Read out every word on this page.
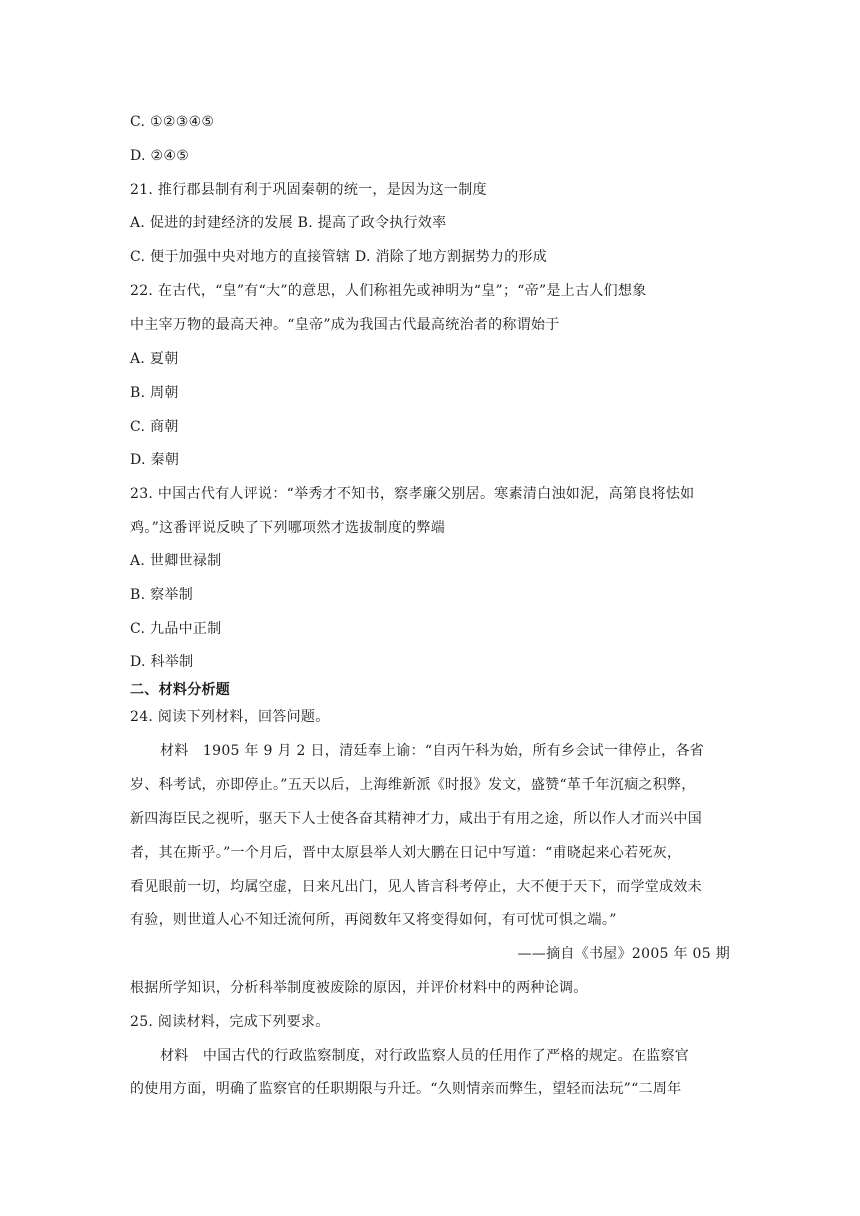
C. ①②③④⑤
D. ②④⑤
21. 推行郡县制有利于巩固秦朝的统一，是因为这一制度
A. 促进的封建经济的发展 B. 提高了政令执行效率
C. 便于加强中央对地方的直接管辖 D. 消除了地方割据势力的形成
22. 在古代，“皇”有“大”的意思，人们称祖先或神明为“皇”；“帝”是上古人们想象
中主宰万物的最高天神。“皇帝”成为我国古代最高统治者的称谓始于
A. 夏朝
B. 周朝
C. 商朝
D. 秦朝
23. 中国古代有人评说：“举秀才不知书，察孝廉父别居。寒素清白浊如泥，高第良将怯如
鸡。”这番评说反映了下列哪项然才选拔制度的弊端
A. 世卿世禄制
B. 察举制
C. 九品中正制
D. 科举制
二、材料分析题
24. 阅读下列材料，回答问题。
材料　1905 年 9 月 2 日，清廷奉上谕：“自丙午科为始，所有乡会试一律停止，各省
岁、科考试，亦即停止。”五天以后，上海维新派《时报》发文，盛赞“革千年沉痼之积弊，
新四海臣民之视听，驱天下人士使各奋其精神才力，咸出于有用之途，所以作人才而兴中国
者，其在斯乎。”一个月后，晋中太原县举人刘大鹏在日记中写道：“甫晓起来心若死灰，
看见眼前一切，均属空虚，日来凡出门，见人皆言科考停止，大不便于天下，而学堂成效未
有验，则世道人心不知迁流何所，再阅数年又将变得如何，有可忧可惧之端。”
——摘自《书屋》2005 年 05 期
根据所学知识，分析科举制度被废除的原因，并评价材料中的两种论调。
25. 阅读材料，完成下列要求。
材料　中国古代的行政监察制度，对行政监察人员的任用作了严格的规定。在监察官
的使用方面，明确了监察官的任职期限与升迁。“久则情亲而弊生，望轻而法玩”“二周年
